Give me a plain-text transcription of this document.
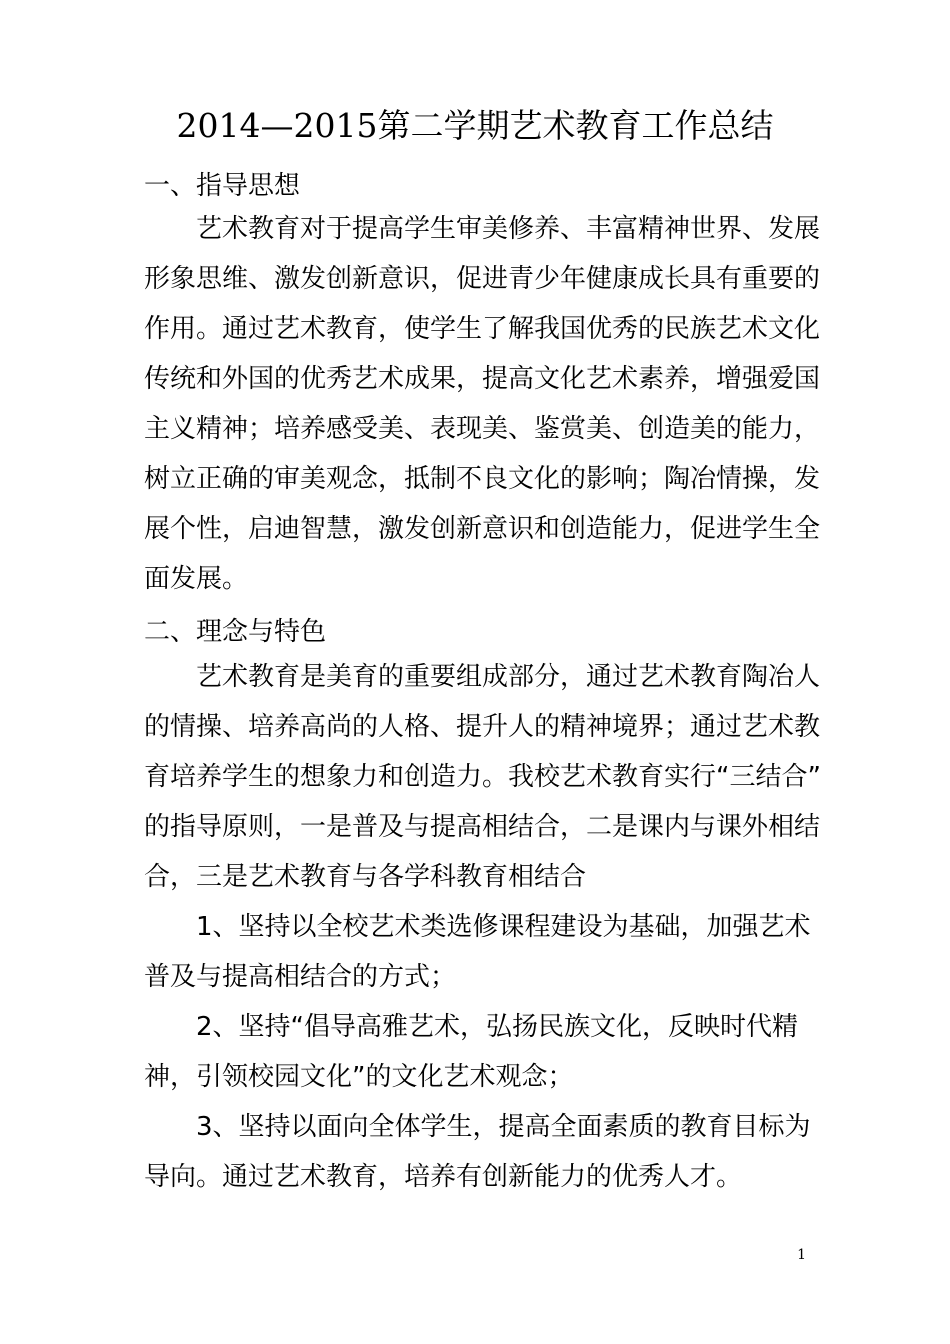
2014—2015第二学期艺术教育工作总结
一、指导思想
艺术教育对于提高学生审美修养、丰富精神世界、发展
形象思维、激发创新意识，促进青少年健康成长具有重要的
作用。通过艺术教育，使学生了解我国优秀的民族艺术文化
传统和外国的优秀艺术成果，提高文化艺术素养，增强爱国
主义精神；培养感受美、表现美、鉴赏美、创造美的能力，
树立正确的审美观念，抵制不良文化的影响；陶冶情操，发
展个性，启迪智慧，激发创新意识和创造能力，促进学生全
面发展。
二、理念与特色
艺术教育是美育的重要组成部分，通过艺术教育陶冶人
的情操、培养高尚的人格、提升人的精神境界；通过艺术教
育培养学生的想象力和创造力。我校艺术教育实行“三结合”
的指导原则，一是普及与提高相结合，二是课内与课外相结
合，三是艺术教育与各学科教育相结合
1、坚持以全校艺术类选修课程建设为基础，加强艺术
普及与提高相结合的方式；
2、坚持“倡导高雅艺术，弘扬民族文化，反映时代精
神，引领校园文化”的文化艺术观念；
3、坚持以面向全体学生，提高全面素质的教育目标为
导向。通过艺术教育，培养有创新能力的优秀人才。
1
